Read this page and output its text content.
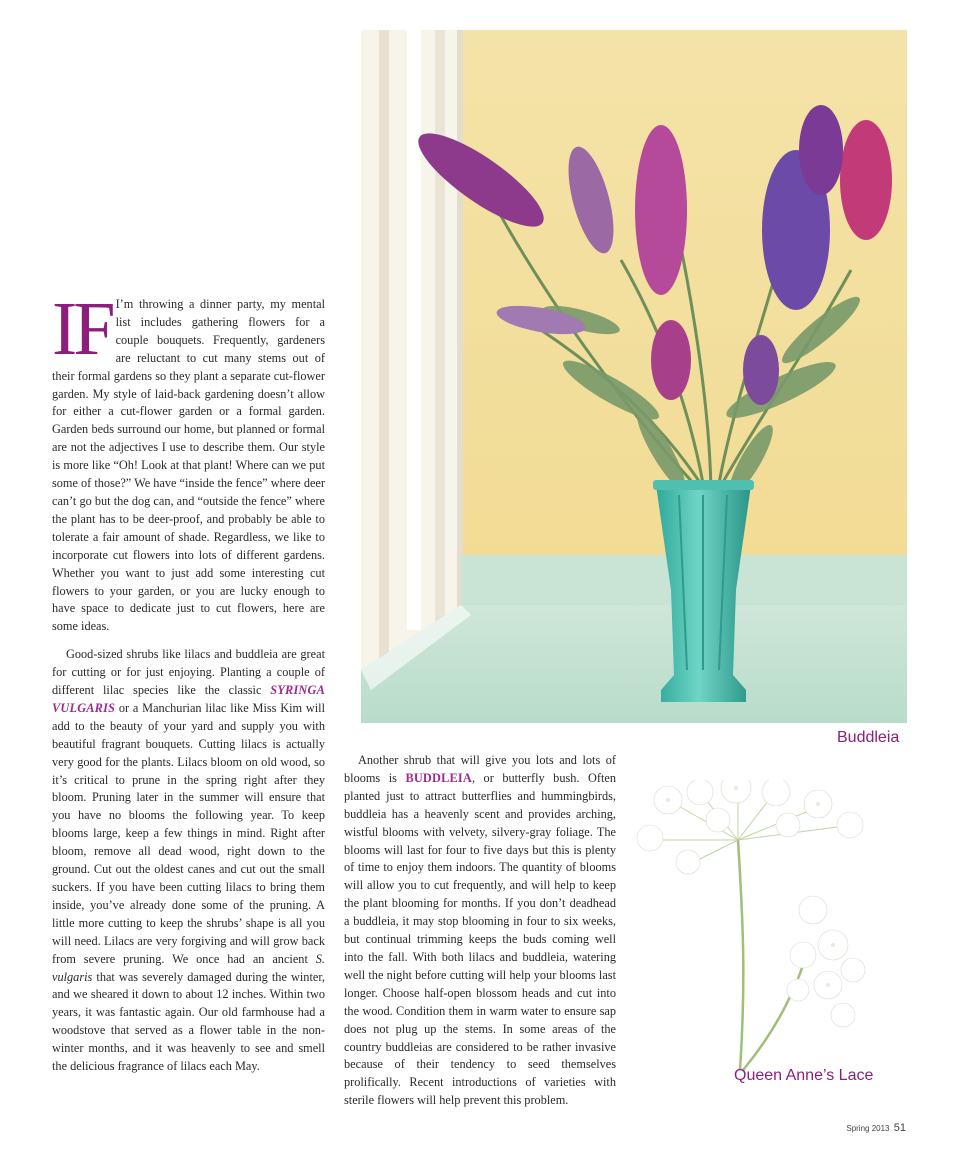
Buddleia

IF I’m throwing a dinner party, my mental list includes gathering flowers for a couple bouquets. Frequently, gardeners are reluctant to cut many stems out of their formal gardens so they plant a separate cut-flower garden. My style of laid-back gardening doesn’t allow for either a cut-flower garden or a formal garden. Garden beds surround our home, but planned or formal are not the adjectives I use to describe them. Our style is more like “Oh! Look at that plant! Where can we put some of those?” We have “inside the fence” where deer can’t go but the dog can, and “outside the fence” where the plant has to be deer-proof, and probably be able to tolerate a fair amount of shade. Regardless, we like to incorporate cut flowers into lots of different gardens. Whether you want to just add some interesting cut flowers to your garden, or you are lucky enough to have space to dedicate just to cut flowers, here are some ideas.

Good-sized shrubs like lilacs and buddleia are great for cutting or for just enjoying. Planting a couple of different lilac species like the classic SYRINGA VULGARIS or a Manchurian lilac like Miss Kim will add to the beauty of your yard and supply you with beautiful fragrant bouquets. Cutting lilacs is actually very good for the plants. Lilacs bloom on old wood, so it’s critical to prune in the spring right after they bloom. Pruning later in the summer will ensure that you have no blooms the following year. To keep blooms large, keep a few things in mind. Right after bloom, remove all dead wood, right down to the ground. Cut out the oldest canes and cut out the small suckers. If you have been cutting lilacs to bring them inside, you’ve already done some of the pruning. A little more cutting to keep the shrubs’ shape is all you will need. Lilacs are very forgiving and will grow back from severe pruning. We once had an ancient S. vulgaris that was severely damaged during the winter, and we sheared it down to about 12 inches. Within two years, it was fantastic again. Our old farmhouse had a woodstove that served as a flower table in the non-winter months, and it was heavenly to see and smell the delicious fragrance of lilacs each May.

Another shrub that will give you lots and lots of blooms is BUDDLEIA, or butterfly bush. Often planted just to attract butterflies and hummingbirds, buddleia has a heavenly scent and provides arching, wistful blooms with velvety, silvery-gray foliage. The blooms will last for four to five days but this is plenty of time to enjoy them indoors. The quantity of blooms will allow you to cut frequently, and will help to keep the plant blooming for months. If you don’t deadhead a buddleia, it may stop blooming in four to six weeks, but continual trimming keeps the buds coming well into the fall. With both lilacs and buddleia, watering well the night before cutting will help your blooms last longer. Choose half-open blossom heads and cut into the wood. Condition them in warm water to ensure sap does not plug up the stems. In some areas of the country buddleias are considered to be rather invasive because of their tendency to seed themselves prolifically. Recent introductions of varieties with sterile flowers will help prevent this problem.

Queen Anne’s Lace
Spring 2013 51
